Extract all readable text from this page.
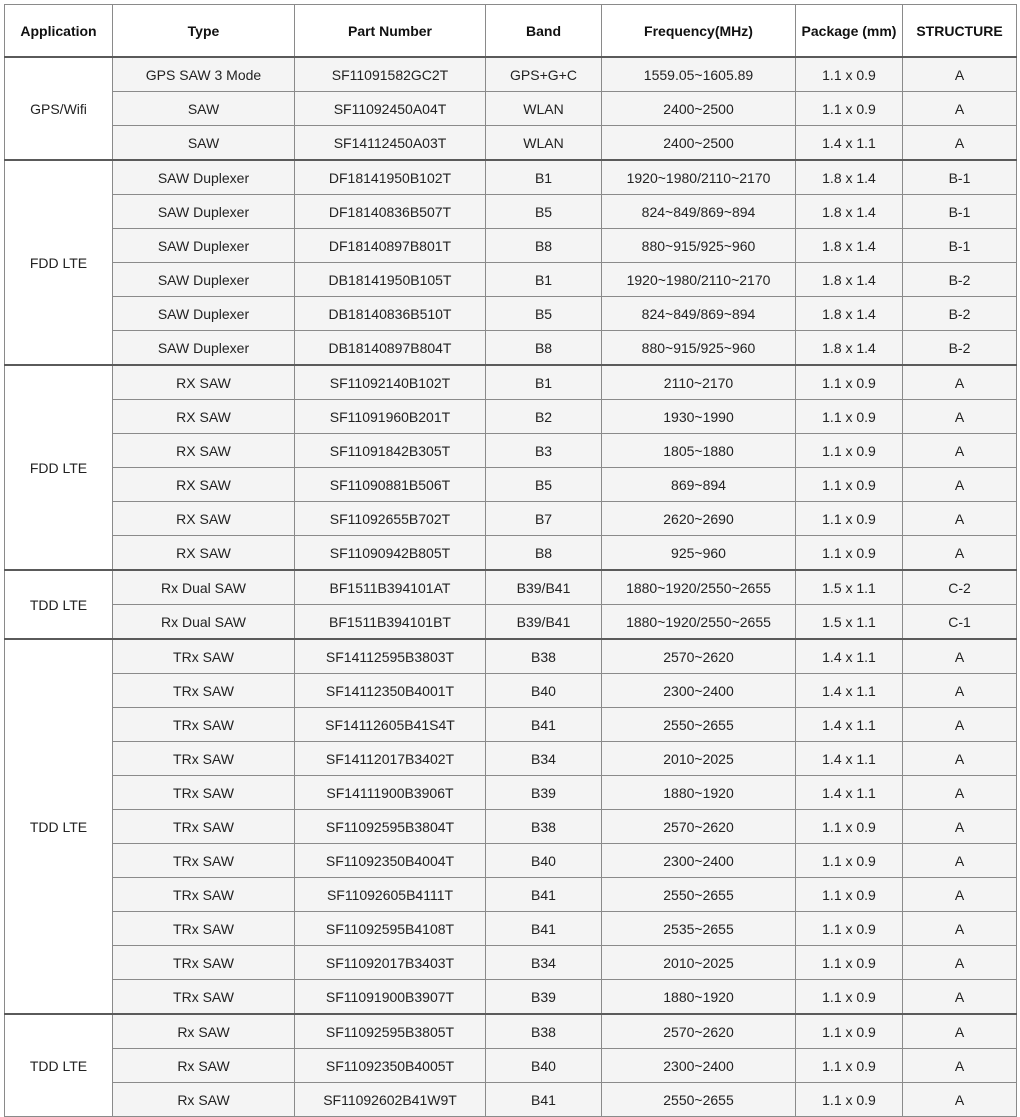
Application	Type	Part Number	Band	Frequency(MHz)	Package (mm)	STRUCTURE
GPS/Wifi	GPS SAW 3 Mode	SF11091582GC2T	GPS+G+C	1559.05~1605.89	1.1 x 0.9	A
	SAW	SF11092450A04T	WLAN	2400~2500	1.1 x 0.9	A
	SAW	SF14112450A03T	WLAN	2400~2500	1.4 x 1.1	A
FDD LTE	SAW Duplexer	DF18141950B102T	B1	1920~1980/2110~2170	1.8 x 1.4	B-1
	SAW Duplexer	DF18140836B507T	B5	824~849/869~894	1.8 x 1.4	B-1
	SAW Duplexer	DF18140897B801T	B8	880~915/925~960	1.8 x 1.4	B-1
	SAW Duplexer	DB18141950B105T	B1	1920~1980/2110~2170	1.8 x 1.4	B-2
	SAW Duplexer	DB18140836B510T	B5	824~849/869~894	1.8 x 1.4	B-2
	SAW Duplexer	DB18140897B804T	B8	880~915/925~960	1.8 x 1.4	B-2
FDD LTE	RX SAW	SF11092140B102T	B1	2110~2170	1.1 x 0.9	A
	RX SAW	SF11091960B201T	B2	1930~1990	1.1 x 0.9	A
	RX SAW	SF11091842B305T	B3	1805~1880	1.1 x 0.9	A
	RX SAW	SF11090881B506T	B5	869~894	1.1 x 0.9	A
	RX SAW	SF11092655B702T	B7	2620~2690	1.1 x 0.9	A
	RX SAW	SF11090942B805T	B8	925~960	1.1 x 0.9	A
TDD LTE	Rx Dual SAW	BF1511B394101AT	B39/B41	1880~1920/2550~2655	1.5 x 1.1	C-2
	Rx Dual SAW	BF1511B394101BT	B39/B41	1880~1920/2550~2655	1.5 x 1.1	C-1
TDD LTE	TRx SAW	SF14112595B3803T	B38	2570~2620	1.4 x 1.1	A
	TRx SAW	SF14112350B4001T	B40	2300~2400	1.4 x 1.1	A
	TRx SAW	SF14112605B41S4T	B41	2550~2655	1.4 x 1.1	A
	TRx SAW	SF14112017B3402T	B34	2010~2025	1.4 x 1.1	A
	TRx SAW	SF14111900B3906T	B39	1880~1920	1.4 x 1.1	A
	TRx SAW	SF11092595B3804T	B38	2570~2620	1.1 x 0.9	A
	TRx SAW	SF11092350B4004T	B40	2300~2400	1.1 x 0.9	A
	TRx SAW	SF11092605B4111T	B41	2550~2655	1.1 x 0.9	A
	TRx SAW	SF11092595B4108T	B41	2535~2655	1.1 x 0.9	A
	TRx SAW	SF11092017B3403T	B34	2010~2025	1.1 x 0.9	A
	TRx SAW	SF11091900B3907T	B39	1880~1920	1.1 x 0.9	A
TDD LTE	Rx SAW	SF11092595B3805T	B38	2570~2620	1.1 x 0.9	A
	Rx SAW	SF11092350B4005T	B40	2300~2400	1.1 x 0.9	A
	Rx SAW	SF11092602B41W9T	B41	2550~2655	1.1 x 0.9	A
